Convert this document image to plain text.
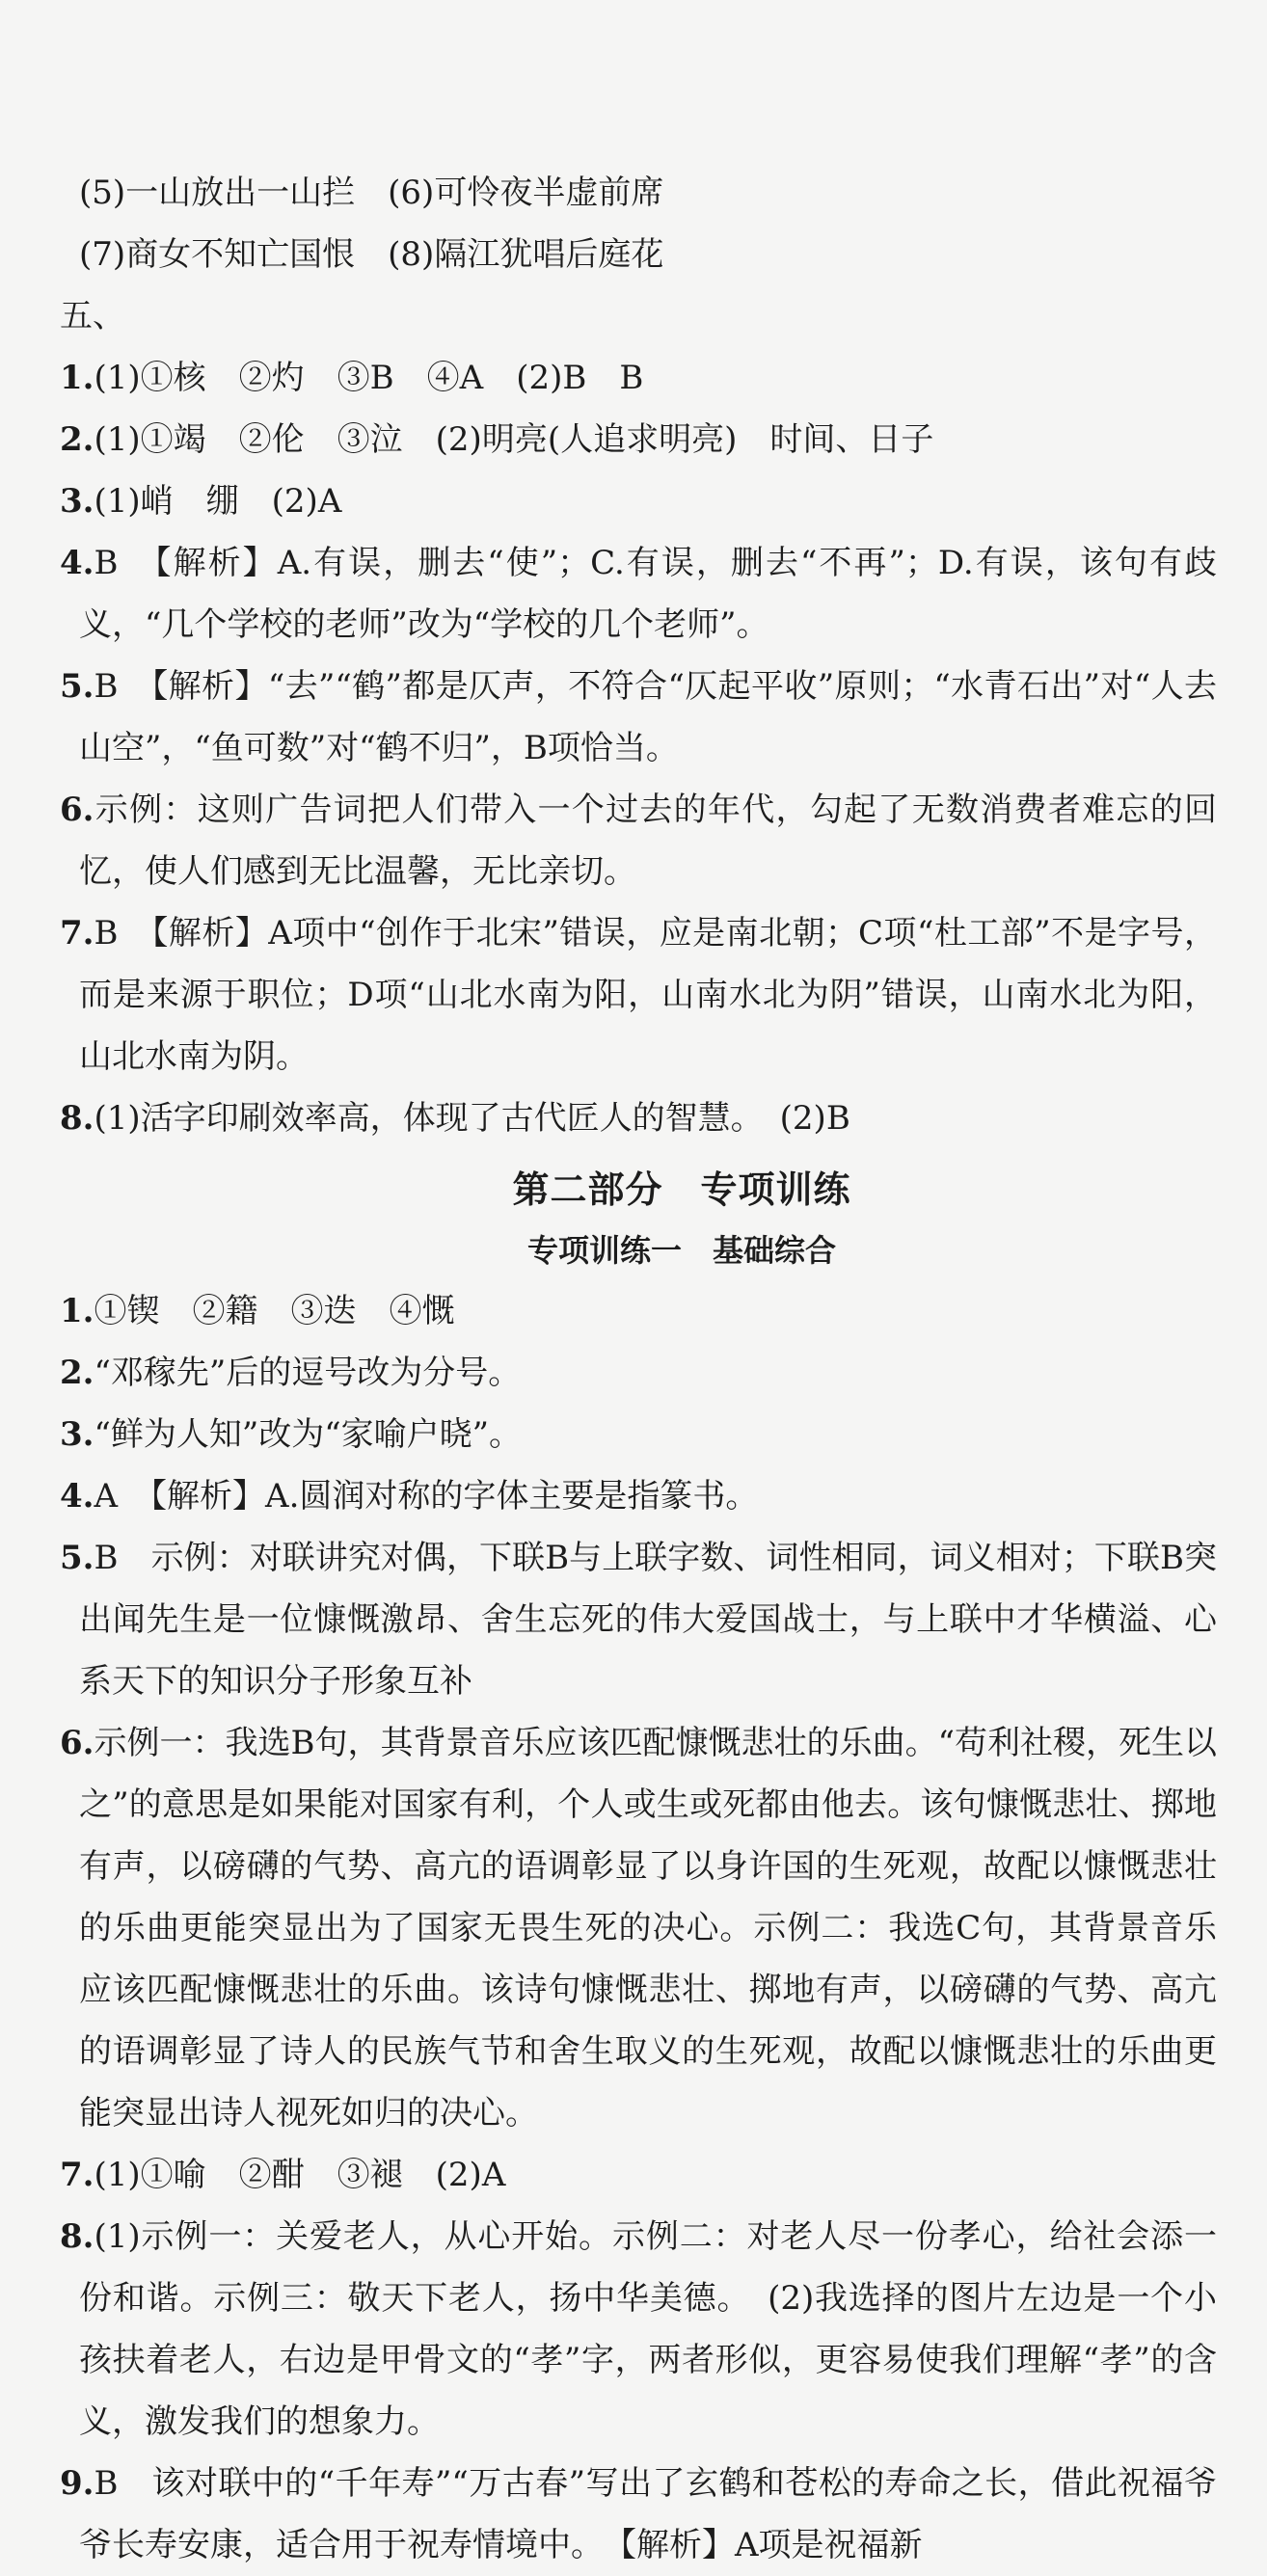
(5)一山放出一山拦　(6)可怜夜半虚前席

(7)商女不知亡国恨　(8)隔江犹唱后庭花

五、

1.(1)①核　②灼　③B　④A　(2)B　B

2.(1)①竭　②伦　③泣　(2)明亮(人追求明亮)　时间、日子

3.(1)峭　绷　(2)A

4.B　【解析】A.有误，删去“使”；C.有误，删去“不再”；D.有误，该句有歧义，“几个学校的老师”改为“学校的几个老师”。

5.B　【解析】“去”“鹤”都是仄声，不符合“仄起平收”原则；“水青石出”对“人去山空”，“鱼可数”对“鹤不归”，B项恰当。

6.示例：这则广告词把人们带入一个过去的年代，勾起了无数消费者难忘的回忆，使人们感到无比温馨，无比亲切。

7.B　【解析】A项中“创作于北宋”错误，应是南北朝；C项“杜工部”不是字号，而是来源于职位；D项“山北水南为阳，山南水北为阴”错误，山南水北为阳，山北水南为阴。

8.(1)活字印刷效率高，体现了古代匠人的智慧。　(2)B

第二部分　专项训练

专项训练一　基础综合

1.①锲　②籍　③迭　④慨

2.“邓稼先”后的逗号改为分号。

3.“鲜为人知”改为“家喻户晓”。

4.A　【解析】A.圆润对称的字体主要是指篆书。

5.B　示例：对联讲究对偶，下联B与上联字数、词性相同，词义相对；下联B突出闻先生是一位慷慨激昂、舍生忘死的伟大爱国战士，与上联中才华横溢、心系天下的知识分子形象互补

6.示例一：我选B句，其背景音乐应该匹配慷慨悲壮的乐曲。“苟利社稷，死生以之”的意思是如果能对国家有利，个人或生或死都由他去。该句慷慨悲壮、掷地有声，以磅礴的气势、高亢的语调彰显了以身许国的生死观，故配以慷慨悲壮的乐曲更能突显出为了国家无畏生死的决心。示例二：我选C句，其背景音乐应该匹配慷慨悲壮的乐曲。该诗句慷慨悲壮、掷地有声，以磅礴的气势、高亢的语调彰显了诗人的民族气节和舍生取义的生死观，故配以慷慨悲壮的乐曲更能突显出诗人视死如归的决心。

7.(1)①喻　②酣　③褪　(2)A

8.(1)示例一：关爱老人，从心开始。示例二：对老人尽一份孝心，给社会添一份和谐。示例三：敬天下老人，扬中华美德。　(2)我选择的图片左边是一个小孩扶着老人，右边是甲骨文的“孝”字，两者形似，更容易使我们理解“孝”的含义，激发我们的想象力。

9.B　该对联中的“千年寿”“万古春”写出了玄鹤和苍松的寿命之长，借此祝福爷爷长寿安康，适合用于祝寿情境中。　【解析】A项是祝福新
